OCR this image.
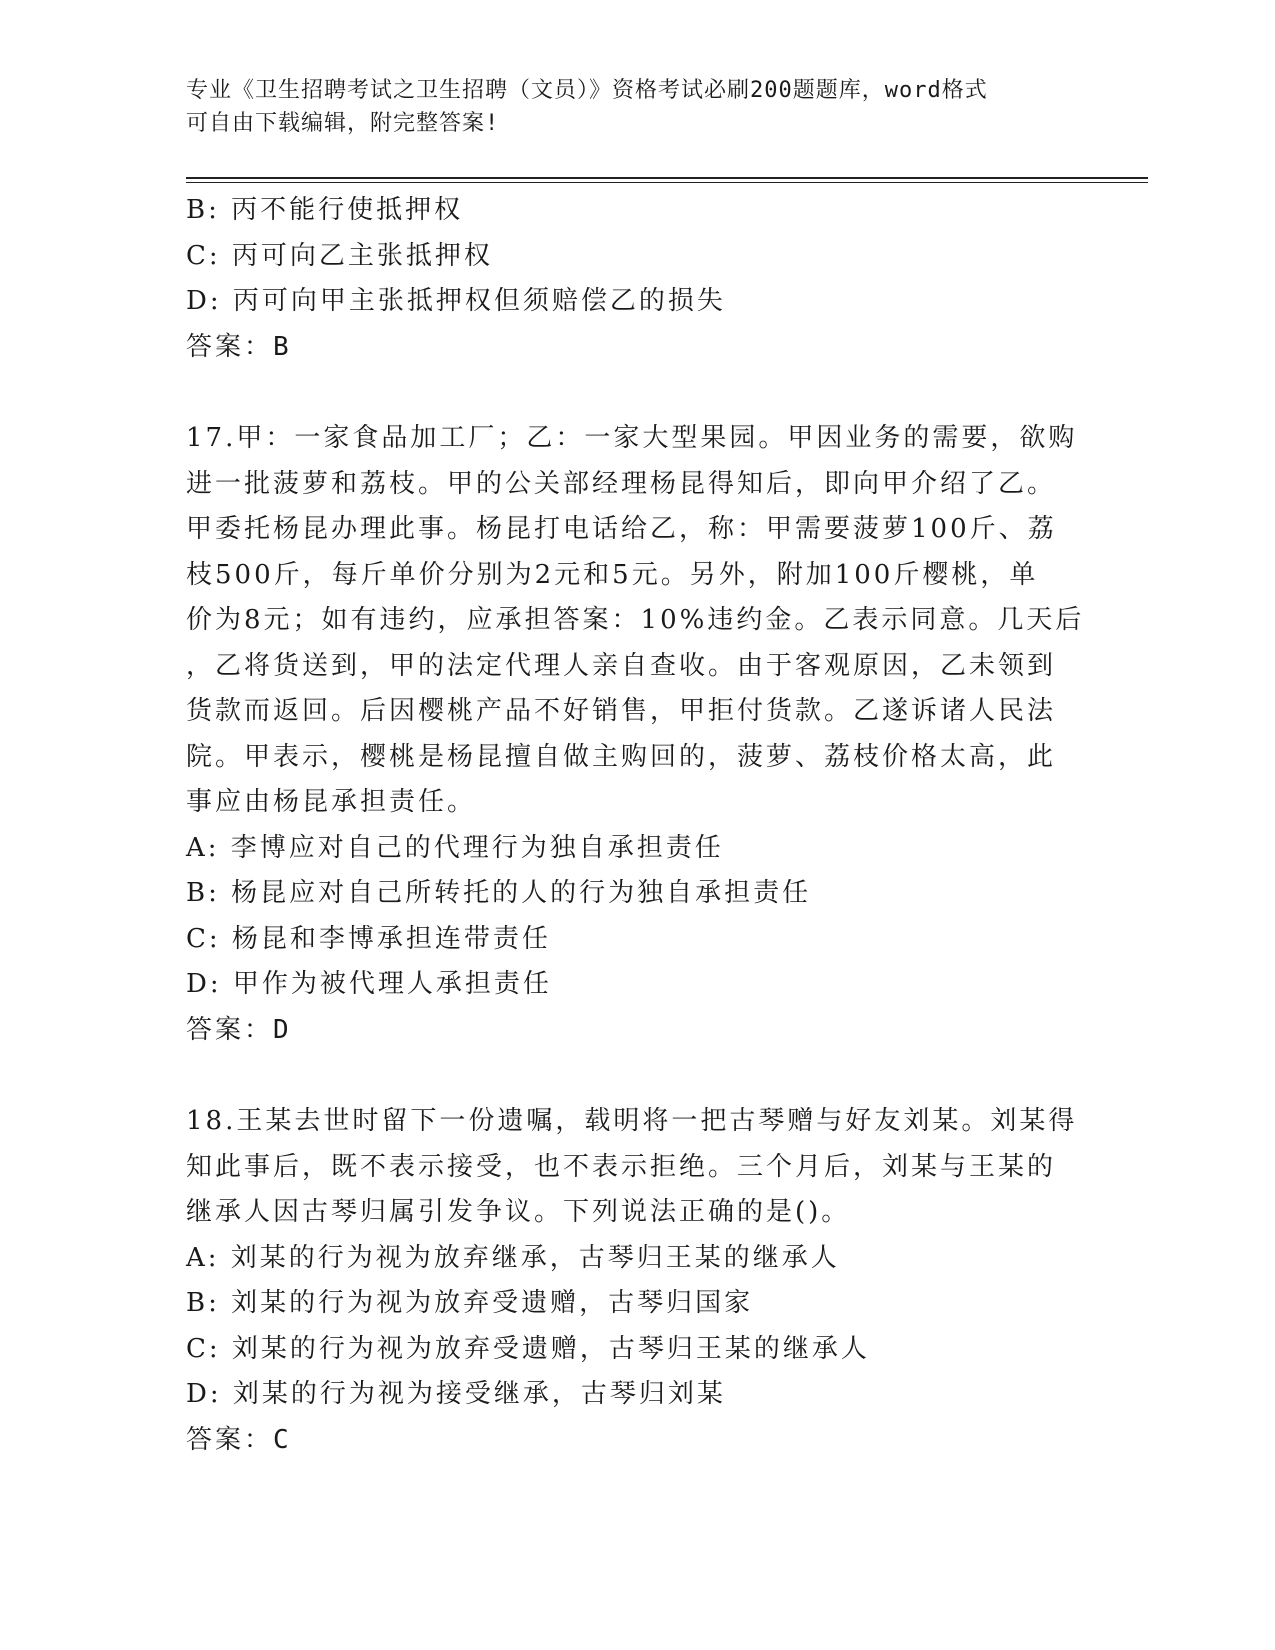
专业《卫生招聘考试之卫生招聘（文员）》资格考试必刷200题题库，word格式
可自由下载编辑，附完整答案!
B: 丙不能行使抵押权
C: 丙可向乙主张抵押权
D: 丙可向甲主张抵押权但须赔偿乙的损失
答案：B
17.甲：一家食品加工厂；乙：一家大型果园。甲因业务的需要，欲购
进一批菠萝和荔枝。甲的公关部经理杨昆得知后，即向甲介绍了乙。
甲委托杨昆办理此事。杨昆打电话给乙，称：甲需要菠萝100斤、荔
枝500斤，每斤单价分别为2元和5元。另外，附加100斤樱桃，单
价为8元；如有违约，应承担答案：10%违约金。乙表示同意。几天后
，乙将货送到，甲的法定代理人亲自查收。由于客观原因，乙未领到
货款而返回。后因樱桃产品不好销售，甲拒付货款。乙遂诉诸人民法
院。甲表示，樱桃是杨昆擅自做主购回的，菠萝、荔枝价格太高，此
事应由杨昆承担责任。
A: 李博应对自己的代理行为独自承担责任
B: 杨昆应对自己所转托的人的行为独自承担责任
C: 杨昆和李博承担连带责任
D: 甲作为被代理人承担责任
答案：D
18.王某去世时留下一份遗嘱，载明将一把古琴赠与好友刘某。刘某得
知此事后，既不表示接受，也不表示拒绝。三个月后，刘某与王某的
继承人因古琴归属引发争议。下列说法正确的是()。
A: 刘某的行为视为放弃继承，古琴归王某的继承人
B: 刘某的行为视为放弃受遗赠，古琴归国家
C: 刘某的行为视为放弃受遗赠，古琴归王某的继承人
D: 刘某的行为视为接受继承，古琴归刘某
答案：C
